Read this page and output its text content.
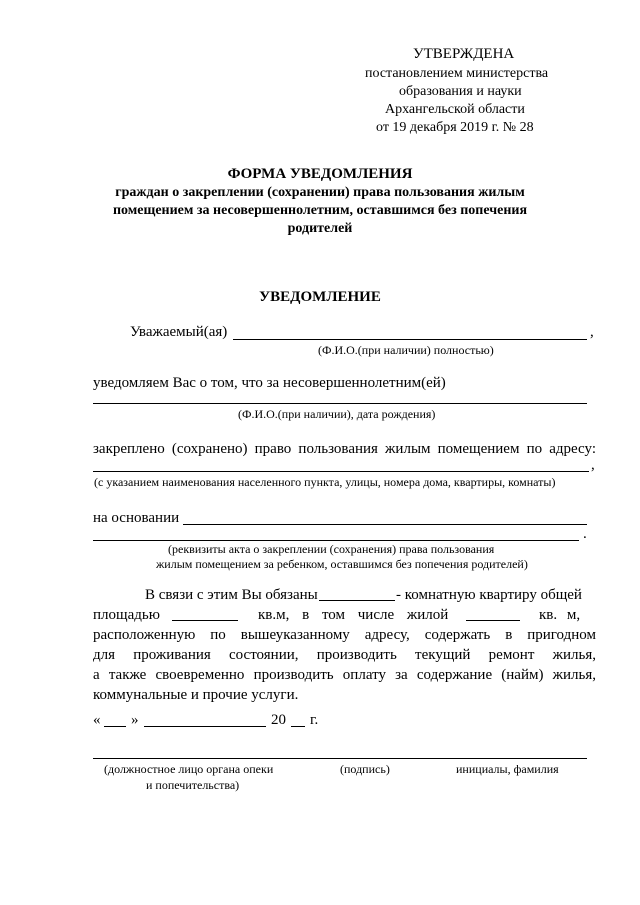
УТВЕРЖДЕНА
постановлением министерства
образования и науки
Архангельской области
от 19 декабря 2019 г. № 28
ФОРМА УВЕДОМЛЕНИЯ
граждан о закреплении (сохранении) права пользования жилым
помещением за несовершеннолетним, оставшимся без попечения
родителей
УВЕДОМЛЕНИЕ
Уважаемый(ая)	,
(Ф.И.О.(при наличии) полностью)
уведомляем Вас о том, что за несовершеннолетним(ей)
(Ф.И.О.(при наличии), дата рождения)
закреплено (сохранено) право пользования жилым помещением по адресу:
,
(с указанием наименования населенного пункта, улицы, номера дома, квартиры, комнаты)
на основании
.
(реквизиты акта о закреплении (сохранения) права пользования
жилым помещением за ребенком, оставшимся без попечения родителей)
В связи с этим Вы обязаны	- комнатную квартиру общей
площадью	кв.м, в том числе жилой	кв. м,
расположенную по вышеуказанному адресу, содержать в пригодном
для проживания состоянии, производить текущий ремонт жилья,
а также своевременно производить оплату за содержание (найм) жилья,
коммунальные и прочие услуги.
« »	20 г.
(должностное лицо органа опеки
и попечительства)
(подпись)	инициалы, фамилия
